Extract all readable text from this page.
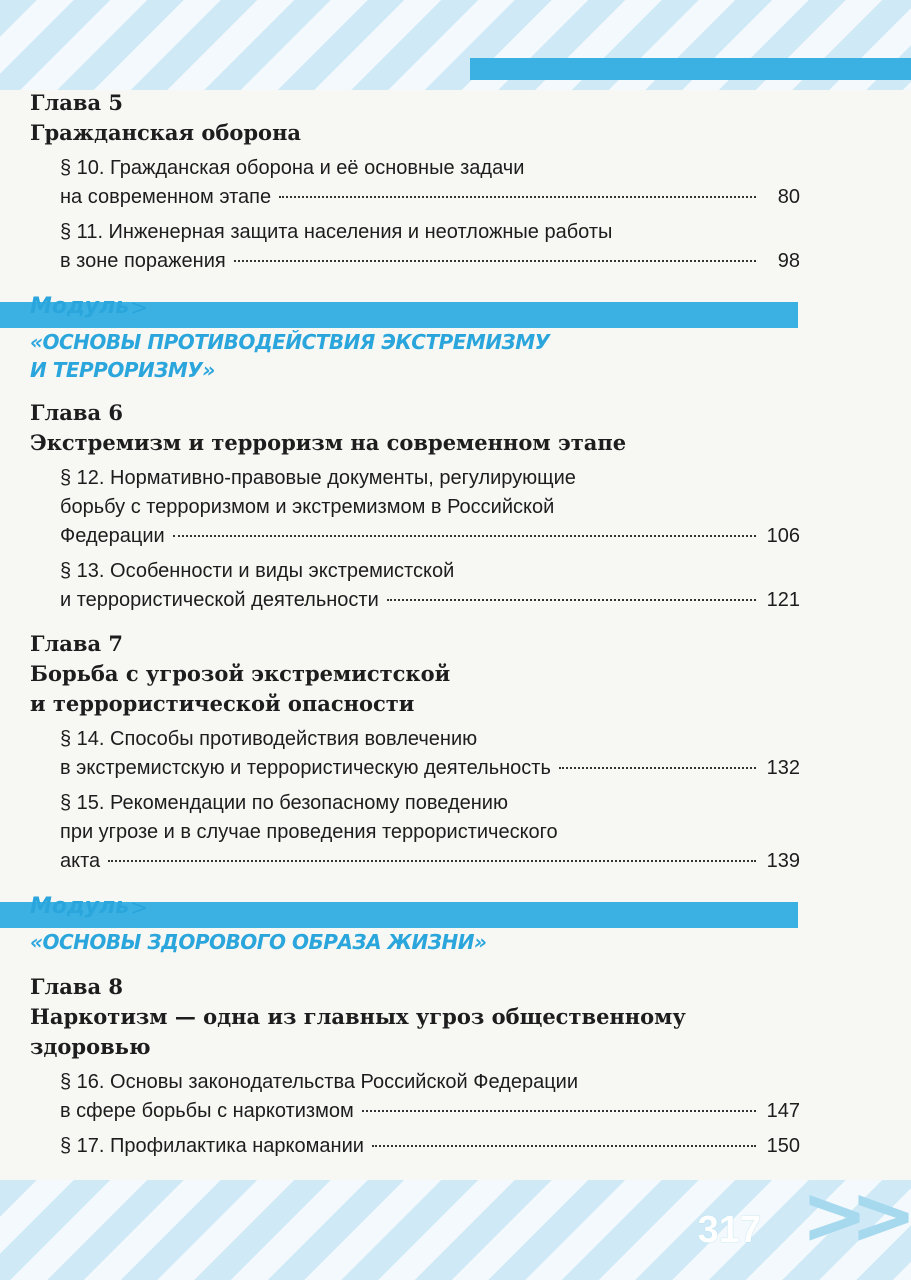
Глава 5

Гражданская оборона

§ 10. Гражданская оборона и её основные задачи
на современном этапе	80
§ 11. Инженерная защита населения и неотложные работы
в зоне поражения	98
Модуль >
«ОСНОВЫ ПРОТИВОДЕЙСТВИЯ ЭКСТРЕМИЗМУ И ТЕРРОРИЗМУ»

Глава 6

Экстремизм и терроризм на современном этапе

§ 12. Нормативно-правовые документы, регулирующие
борьбу с терроризмом и экстремизмом в Российской
Федерации	106
§ 13. Особенности и виды экстремистской
и террористической деятельности	121

Глава 7

Борьба с угрозой экстремистской

и террористической опасности

§ 14. Способы противодействия вовлечению
в экстремистскую и террористическую деятельность	132
§ 15. Рекомендации по безопасному поведению
при угрозе и в случае проведения террористического
акта	139
Модуль >
«ОСНОВЫ ЗДОРОВОГО ОБРАЗА ЖИЗНИ»

Глава 8

Наркотизм — одна из главных угроз общественному

здоровью

§ 16. Основы законодательства Российской Федерации
в сфере борьбы с наркотизмом	147
§ 17. Профилактика наркомании	150
317 >>
